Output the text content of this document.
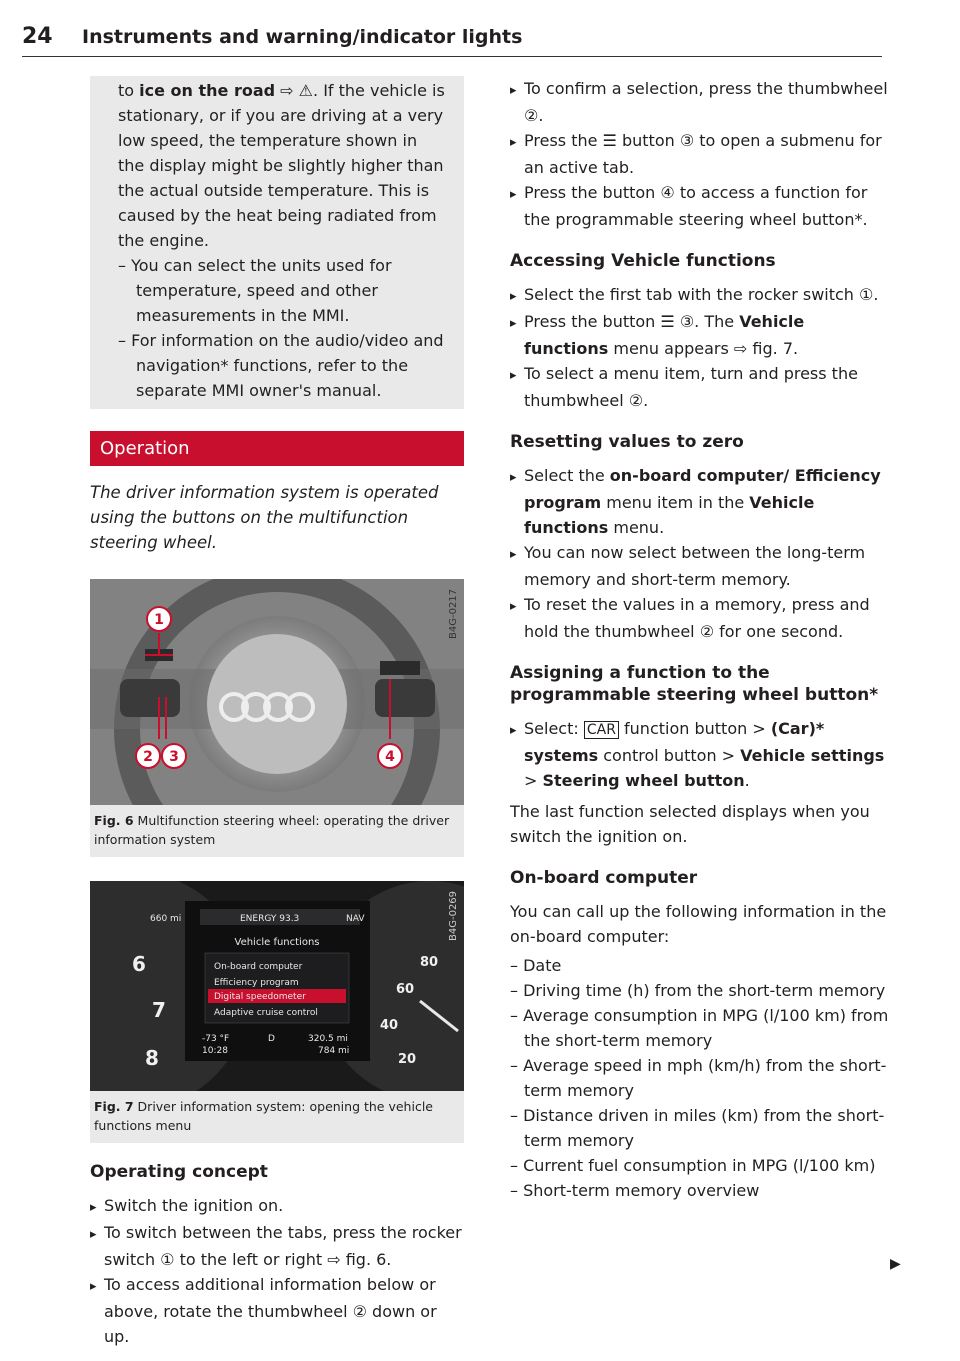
24 Instruments and warning/indicator lights

to ice on the road ⇨ ⚠. If the vehicle is stationary, or if you are driving at a very low speed, the temperature shown in the display might be slightly higher than the actual outside temperature. This is caused by the heat being radiated from the engine.

– You can select the units used for temperature, speed and other measurements in the MMI.

– For information on the audio/video and navigation* functions, refer to the separate MMI owner's manual.

Operation

The driver information system is operated using the buttons on the multifunction steering wheel.

1
2 3	4
B4G-0217
Fig. 6 Multifunction steering wheel: operating the driver information system
660 mi	ENERGY 93.3	NAV
Vehicle functions
On-board computer
Efficiency program
Digital speedometer
Adaptive cruise control
-73 °F	D	320.5 mi
10:28	784 mi
6
7
8
80
60
40
20
B4G-0269
Fig. 7 Driver information system: opening the vehicle functions menu
Operating concept

▸ Switch the ignition on.

▸ To switch between the tabs, press the rocker switch ① to the left or right ⇨ fig. 6.

▸ To access additional information below or above, rotate the thumbwheel ② down or up.

▸ To confirm a selection, press the thumbwheel ②.

▸ Press the ☰ button ③ to open a submenu for an active tab.

▸ Press the button ④ to access a function for the programmable steering wheel button*.

Accessing Vehicle functions

▸ Select the first tab with the rocker switch ①.

▸ Press the button ☰ ③. The Vehicle functions menu appears ⇨ fig. 7.

▸ To select a menu item, turn and press the thumbwheel ②.

Resetting values to zero

▸ Select the on-board computer/ Efficiency program menu item in the Vehicle functions menu.

▸ You can now select between the long-term memory and short-term memory.

▸ To reset the values in a memory, press and hold the thumbwheel ② for one second.

Assigning a function to the programmable steering wheel button*

▸ Select: CAR function button > (Car)* systems control button > Vehicle settings > Steering wheel button.

The last function selected displays when you switch the ignition on.

On-board computer

You can call up the following information in the on-board computer:

– Date

– Driving time (h) from the short-term memory

– Average consumption in MPG (l/100 km) from the short-term memory

– Average speed in mph (km/h) from the short-term memory

– Distance driven in miles (km) from the short-term memory

– Current fuel consumption in MPG (l/100 km)

– Short-term memory overview

▶
